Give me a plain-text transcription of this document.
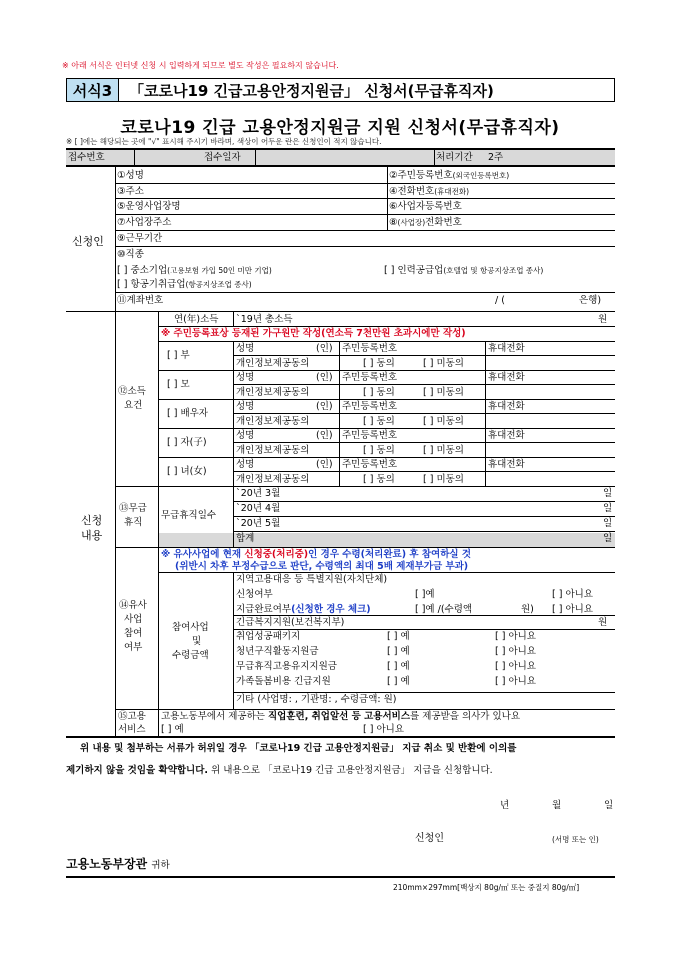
※ 아래 서식은 인터넷 신청 시 입력하게 되므로 별도 작성은 필요하지 않습니다.
서식3	「코로나19 긴급고용안정지원금」 신청서(무급휴직자)
코로나19 긴급 고용안정지원금 지원 신청서(무급휴직자)
※ [ ]에는 해당되는 곳에 "√" 표시해 주시기 바라며, 색상이 어두운 란은 신청인이 적지 않습니다.
접수번호	접수일자	처리기간 2주
신청인
①성명	②주민등록번호(외국인등록번호)
③주소	④전화번호(휴대전화)
⑤운영사업장명	⑥사업자등록번호
⑦사업장주소	⑧(사업장)전화번호
⑨근무기간
⑩직종
[ ] 중소기업(고용보험 가입 50인 미만 기업)	[ ] 인력공급업(호텔업 및 항공지상조업 종사)
[ ] 항공기취급업(항공지상조업 종사)
⑪계좌번호	/ (	은행)
신청
내용
⑫소득
요건
연(年)소득 `19년 총소득	원
※ 주민등록표상 등재된 가구원만 작성(연소득 7천만원 초과시에만 작성)
[ ] 부
성명	(인) 주민등록번호	휴대전화
개인정보제공동의	[ ] 동의	[ ] 미동의
[ ] 모
성명	(인) 주민등록번호	휴대전화
개인정보제공동의	[ ] 동의	[ ] 미동의
[ ] 배우자
성명	(인) 주민등록번호	휴대전화
개인정보제공동의	[ ] 동의	[ ] 미동의
[ ] 자(子)
성명	(인) 주민등록번호	휴대전화
개인정보제공동의	[ ] 동의	[ ] 미동의
[ ] 녀(女)
성명	(인) 주민등록번호	휴대전화
개인정보제공동의	[ ] 동의	[ ] 미동의
⑬무급
휴직
무급휴직일수
`20년 3월	일
`20년 4월	일
`20년 5월	일
합계	일
⑭유사
사업
참여
여부
※ 유사사업에 현재 신청중(처리중)인 경우 수령(처리완료) 후 참여하실 것
(위반시 차후 부정수급으로 판단, 수령액의 최대 5배 제재부가금 부과)
참여사업
및
수령금액
지역고용대응 등 특별지원(자치단체)
신청여부	[ ]예	[ ] 아니요
지급완료여부(신청한 경우 체크)	[ ]예 /(수령액	원) [ ] 아니요
긴급복지지원(보건복지부)	원
취업성공패키지	[ ] 예	[ ] 아니요
청년구직활동지원금	[ ] 예	[ ] 아니요
무급휴직고용유지지원금	[ ] 예	[ ] 아니요
가족돌봄비용 긴급지원	[ ] 예	[ ] 아니요
기타 (사업명: , 기관명: , 수령금액: 원)
⑮고용
서비스
고용노동부에서 제공하는 직업훈련, 취업알선 등 고용서비스를 제공받을 의사가 있나요
[ ] 예	[ ] 아니요
위 내용 및 첨부하는 서류가 허위일 경우 「코로나19 긴급 고용안정지원금」 지급 취소 및 반환에 이의를
제기하지 않을 것임을 확약합니다. 위 내용으로 「코로나19 긴급 고용안정지원금」 지급을 신청합니다.
년	월	일
신청인	(서명 또는 인)
고용노동부장관 귀하
210mm×297mm[백상지 80g/㎡ 또는 중질지 80g/㎡]
